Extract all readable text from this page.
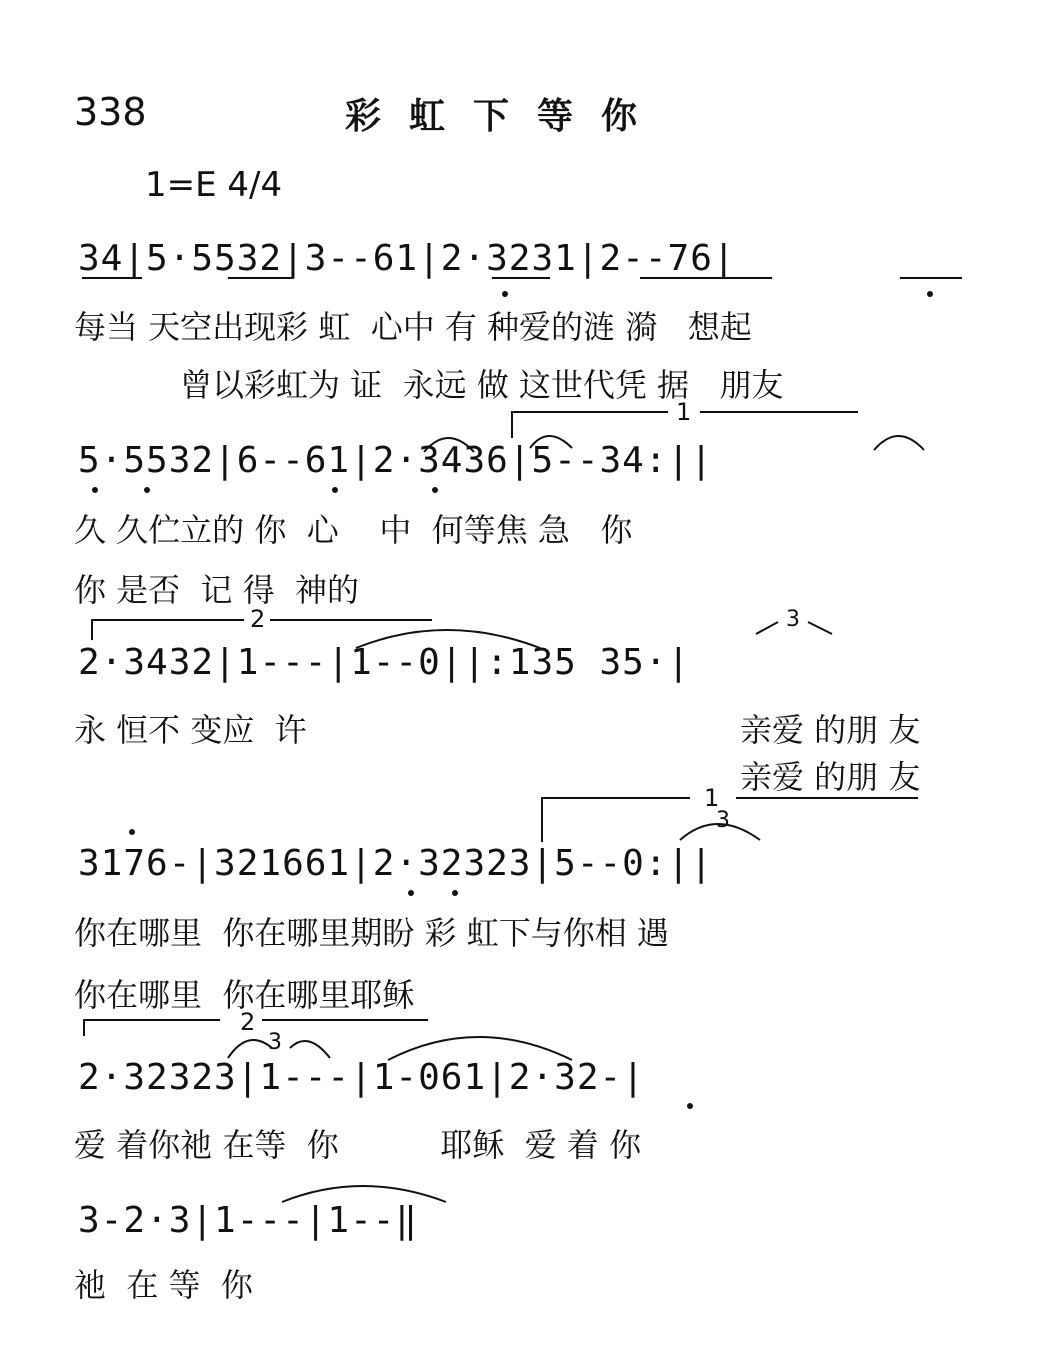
338	彩虹下等你
1=E 4/4
34|5·5532|3--61|2·3231|2--76|
每当 天空出现彩 虹  心中 有 种爱的涟 漪   想起
曾以彩虹为 证  永远 做 这世代凭 据   朋友
1
5·5532|6--61|2·3436|5--34:||
久 久伫立的 你  心    中  何等焦 急   你
你 是否  记 得  神的
2	3
2·3432|1---|1--0||:135 35·|
永 恒不 变应  许	亲爱 的朋 友
亲爱 的朋 友
1
3
3176-|321661|2·32323|5--0:||
你在哪里  你在哪里期盼 彩 虹下与你相 遇
你在哪里  你在哪里耶稣
2
3
2·32323|1---|1-061|2·32-|
爱 着你祂 在等  你          耶稣  爱 着 你
3-2·3|1---|1--‖
祂  在 等  你
